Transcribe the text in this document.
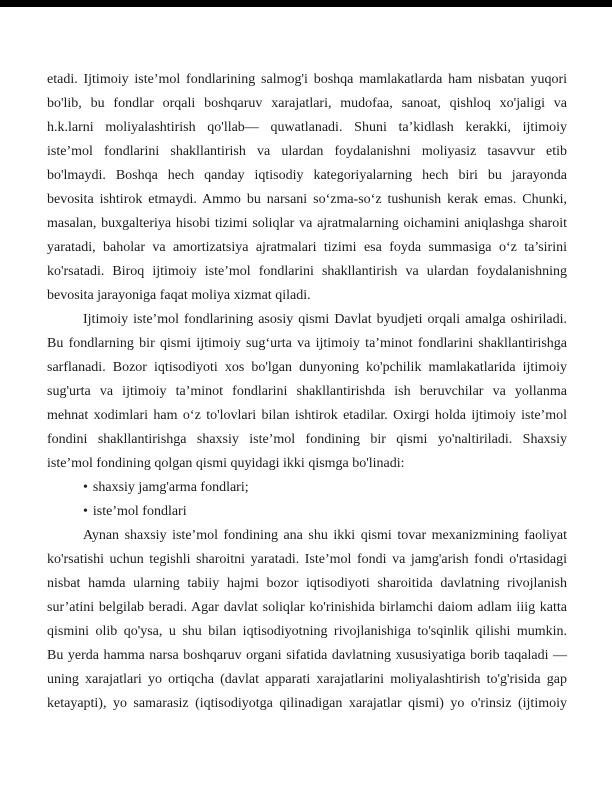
etadi. Ijtimoiy iste’mol fondlarining salmog'i boshqa mamlakatlarda ham nisbatan yuqori
bo'lib, bu fondlar orqali boshqaruv xarajatlari, mudofaa, sanoat, qishloq xo'jaligi va
h.k.larni moliyalashtirish qo'llab— quwatlanadi. Shuni ta’kidlash kerakki, ijtimoiy
iste’mol fondlarini shakllantirish va ulardan foydalanishni moliyasiz tasavvur etib
bo'lmaydi. Boshqa hech qanday iqtisodiy kategoriyalarning hech biri bu jarayonda
bevosita ishtirok etmaydi. Ammo bu narsani so‘zma-so‘z tushunish kerak emas. Chunki,
masalan, buxgalteriya hisobi tizimi soliqlar va ajratmalarning oichamini aniqlashga sharoit
yaratadi, baholar va amortizatsiya ajratmalari tizimi esa foyda summasiga o‘z ta’sirini
ko'rsatadi. Biroq ijtimoiy iste’mol fondlarini shakllantirish va ulardan foydalanishning
bevosita jarayoniga faqat moliya xizmat qiladi.
Ijtimoiy iste’mol fondlarining asosiy qismi Davlat byudjeti orqali amalga oshiriladi.
Bu fondlarning bir qismi ijtimoiy sug‘urta va ijtimoiy ta’minot fondlarini shakllantirishga
sarflanadi. Bozor iqtisodiyoti xos bo'lgan dunyoning ko'pchilik mamlakatlarida ijtimoiy
sug'urta va ijtimoiy ta’minot fondlarini shakllantirishda ish beruvchilar va yollanma
mehnat xodimlari ham o‘z to'lovlari bilan ishtirok etadilar. Oxirgi holda ijtimoiy iste’mol
fondini shakllantirishga shaxsiy iste’mol fondining bir qismi yo'naltiriladi. Shaxsiy
iste’mol fondining qolgan qismi quyidagi ikki qismga bo'linadi:
• shaxsiy jamg'arma fondlari;
• iste’mol fondlari
Aynan shaxsiy iste’mol fondining ana shu ikki qismi tovar mexanizmining faoliyat
ko'rsatishi uchun tegishli sharoitni yaratadi. Iste’mol fondi va jamg'arish fondi o'rtasidagi
nisbat hamda ularning tabiiy hajmi bozor iqtisodiyoti sharoitida davlatning rivojlanish
sur’atini belgilab beradi. Agar davlat soliqlar ko'rinishida birlamchi daiom adlam iiig katta
qismini olib qo'ysa, u shu bilan iqtisodiyotning rivojlanishiga to'sqinlik qilishi mumkin.
Bu yerda hamma narsa boshqaruv organi sifatida davlatning xususiyatiga borib taqaladi —
uning xarajatlari yo ortiqcha (davlat apparati xarajatlarini moliyalashtirish to'g'risida gap
ketayapti), yo samarasiz (iqtisodiyotga qilinadigan xarajatlar qismi) yo o'rinsiz (ijtimoiy
